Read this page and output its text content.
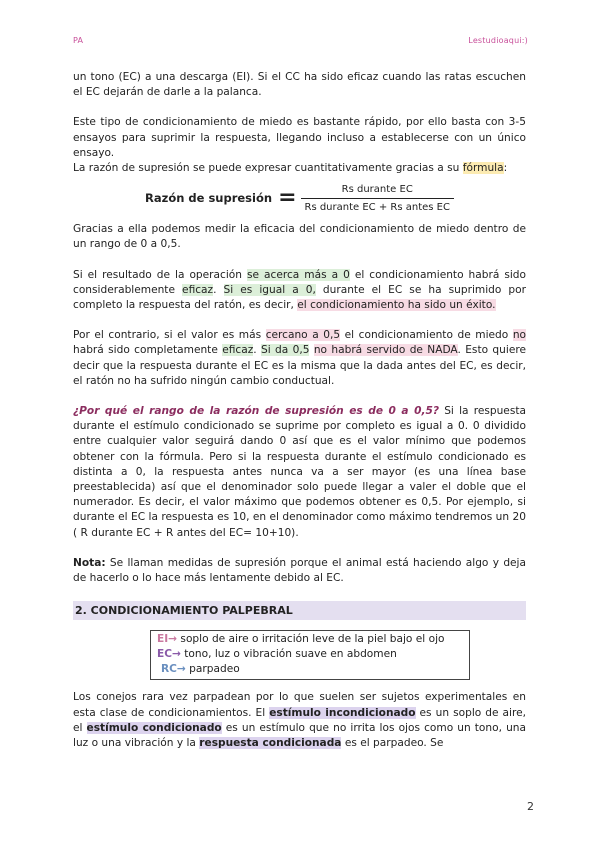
PA	Lestudioaqui:)

un tono (EC) a una descarga (EI). Si el CC ha sido eficaz cuando las ratas escuchen el EC dejarán de darle a la palanca.

Este tipo de condicionamiento de miedo es bastante rápido, por ello basta con 3-5 ensayos para suprimir la respuesta, llegando incluso a establecerse con un único ensayo.

La razón de supresión se puede expresar cuantitativamente gracias a su fórmula:

Razón de supresión = $\frac{\text{Rs durante EC}}{\text{Rs durante EC + Rs antes EC}}$

Gracias a ella podemos medir la eficacia del condicionamiento de miedo dentro de un rango de 0 a 0,5.

Si el resultado de la operación se acerca más a 0 el condicionamiento habrá sido considerablemente eficaz. Si es igual a 0, durante el EC se ha suprimido por completo la respuesta del ratón, es decir, el condicionamiento ha sido un éxito.

Por el contrario, si el valor es más cercano a 0,5 el condicionamiento de miedo no habrá sido completamente eficaz. Si da 0,5 no habrá servido de NADA. Esto quiere decir que la respuesta durante el EC es la misma que la dada antes del EC, es decir, el ratón no ha sufrido ningún cambio conductual.

¿Por qué el rango de la razón de supresión es de 0 a 0,5? Si la respuesta durante el estímulo condicionado se suprime por completo es igual a 0. 0 dividido entre cualquier valor seguirá dando 0 así que es el valor mínimo que podemos obtener con la fórmula. Pero si la respuesta durante el estímulo condicionado es distinta a 0, la respuesta antes nunca va a ser mayor (es una línea base preestablecida) así que el denominador solo puede llegar a valer el doble que el numerador. Es decir, el valor máximo que podemos obtener es 0,5. Por ejemplo, si durante el EC la respuesta es 10, en el denominador como máximo tendremos un 20 ( R durante EC + R antes del EC= 10+10).

Nota: Se llaman medidas de supresión porque el animal está haciendo algo y deja de hacerlo o lo hace más lentamente debido al EC.

2. CONDICIONAMIENTO PALPEBRAL
EI→ soplo de aire o irritación leve de la piel bajo el ojo
EC→ tono, luz o vibración suave en abdomen
RC→ parpadeo

Los conejos rara vez parpadean por lo que suelen ser sujetos experimentales en esta clase de condicionamientos. El estímulo incondicionado es un soplo de aire, el estímulo condicionado es un estímulo que no irrita los ojos como un tono, una luz o una vibración y la respuesta condicionada es el parpadeo. Se

2
